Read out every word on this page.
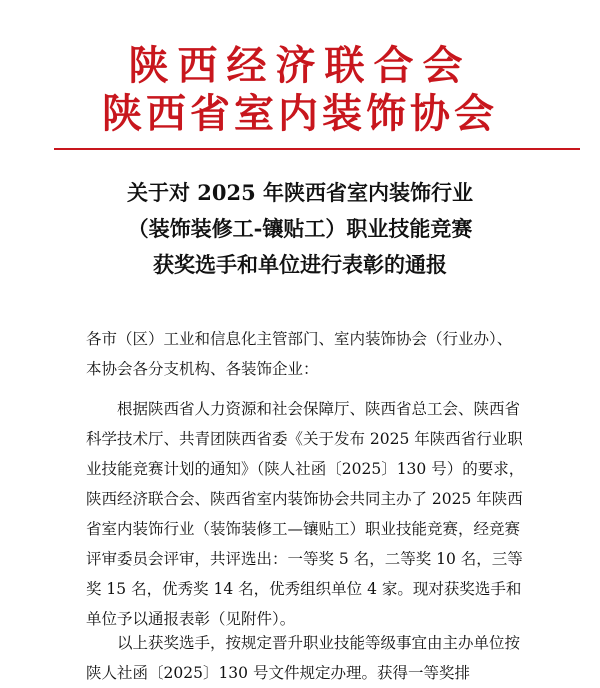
陕西经济联合会
陕西省室内装饰协会
关于对 2025 年陕西省室内装饰行业
（装饰装修工-镶贴工）职业技能竞赛
获奖选手和单位进行表彰的通报
各市（区）工业和信息化主管部门、室内装饰协会（行业办）、本协会各分支机构、各装饰企业：
根据陕西省人力资源和社会保障厅、陕西省总工会、陕西省科学技术厅、共青团陕西省委《关于发布 2025 年陕西省行业职业技能竞赛计划的通知》（陕人社函〔2025〕130 号）的要求，陕西经济联合会、陕西省室内装饰协会共同主办了 2025 年陕西省室内装饰行业（装饰装修工—镶贴工）职业技能竞赛，经竞赛评审委员会评审，共评选出：一等奖 5 名，二等奖 10 名，三等奖 15 名，优秀奖 14 名，优秀组织单位 4 家。现对获奖选手和单位予以通报表彰（见附件）。
以上获奖选手，按规定晋升职业技能等级事宜由主办单位按陕人社函〔2025〕130 号文件规定办理。获得一等奖排
